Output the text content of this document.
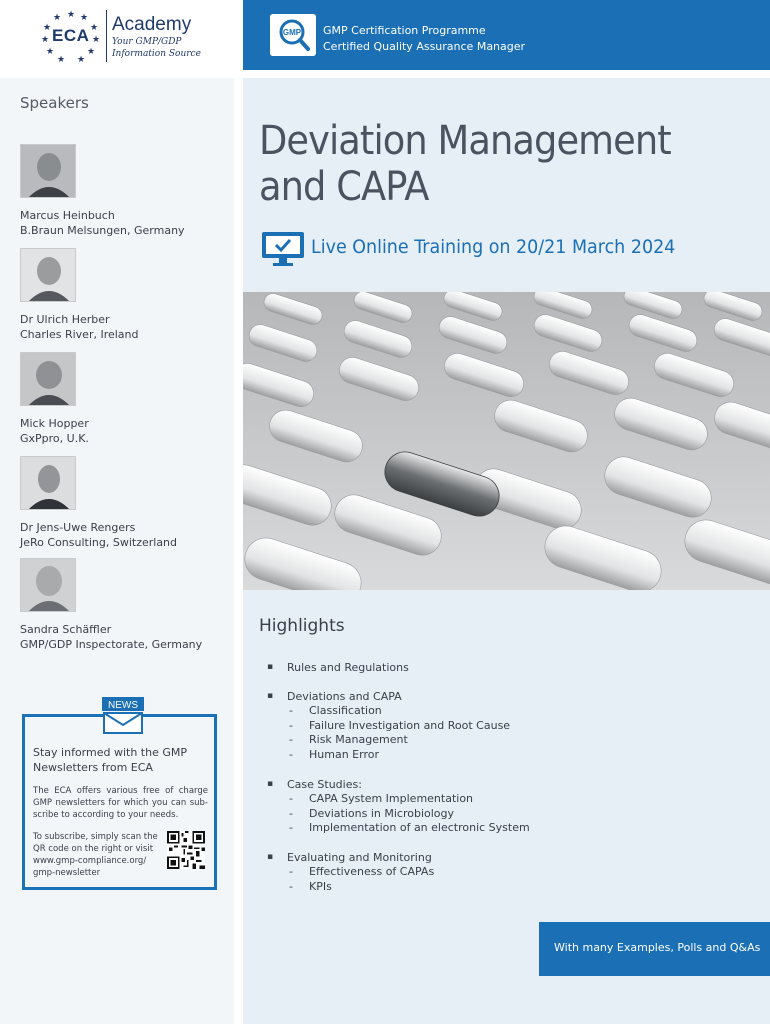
★ ★
★
★
★
★
★
★
★
★
★
ECA
Academy
Your GMP/GDP
Information Source
Speakers
Marcus Heinbuch
B.Braun Melsungen, Germany
Dr Ulrich Herber
Charles River, Ireland
Mick Hopper
GxPpro, U.K.
Dr Jens-Uwe Rengers
JeRo Consulting, Switzerland
Sandra Schäffler
GMP/GDP Inspectorate, Germany
NEWS
Stay informed with the GMP Newsletters from ECA
The ECA offers various free of charge GMP newsletters for which you can sub-scribe to according to your needs.
To subscribe, simply scan the QR code on the right or visit www.gmp-compliance.org/ gmp-newsletter
GMP GMP Certification Programme
Certified Quality Assurance Manager
Deviation Management
and CAPA
Live Online Training on 20/21 March 2024
Highlights
▪ Rules and Regulations
▪ Deviations and CAPA
- Classification
- Failure Investigation and Root Cause
- Risk Management
- Human Error
▪ Case Studies:
- CAPA System Implementation
- Deviations in Microbiology
- Implementation of an electronic System
▪ Evaluating and Monitoring
- Effectiveness of CAPAs
- KPIs
With many Examples, Polls and Q&As
